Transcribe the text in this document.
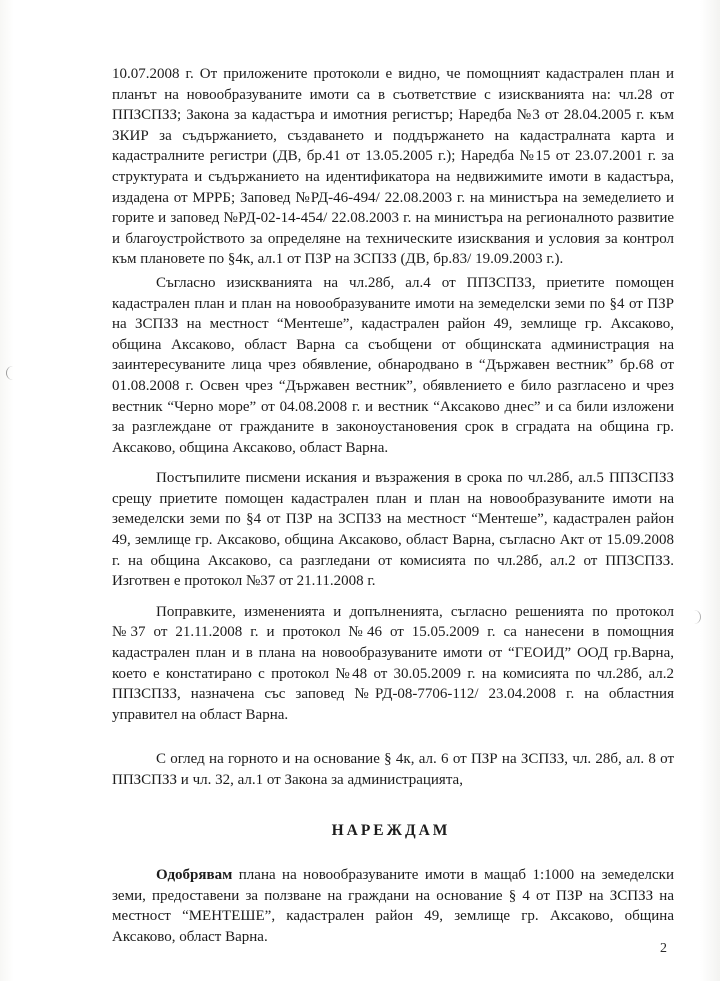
10.07.2008 г. От приложените протоколи е видно, че помощният кадастрален план и планът на новообразуваните имоти са в съответствие с изискванията на: чл.28 от ППЗСПЗЗ; Закона за кадастъра и имотния регистър; Наредба №3 от 28.04.2005 г. към ЗКИР за съдържанието, създаването и поддържането на кадастралната карта и кадастралните регистри (ДВ, бр.41 от 13.05.2005 г.); Наредба №15 от 23.07.2001 г. за структурата и съдържанието на идентификатора на недвижимите имоти в кадастъра, издадена от МРРБ; Заповед №РД-46-494/ 22.08.2003 г. на министъра на земеделието и горите и заповед №РД-02-14-454/ 22.08.2003 г. на министъра на регионалното развитие и благоустройството за определяне на техническите изисквания и условия за контрол към плановете по §4к, ал.1 от ПЗР на ЗСПЗЗ (ДВ, бр.83/ 19.09.2003 г.).

Съгласно изискванията на чл.28б, ал.4 от ППЗСПЗЗ, приетите помощен кадастрален план и план на новообразуваните имоти на земеделски земи по §4 от ПЗР на ЗСПЗЗ на местност “Ментеше”, кадастрален район 49, землище гр. Аксаково, община Аксаково, област Варна са съобщени от общинската администрация на заинтересуваните лица чрез обявление, обнародвано в “Държавен вестник” бр.68 от 01.08.2008 г. Освен чрез “Държавен вестник”, обявлението е било разгласено и чрез вестник “Черно море” от 04.08.2008 г. и вестник “Аксаково днес” и са били изложени за разглеждане от гражданите в законоустановения срок в сградата на община гр. Аксаково, община Аксаково, област Варна.

Постъпилите писмени искания и възражения в срока по чл.28б, ал.5 ППЗСПЗЗ срещу приетите помощен кадастрален план и план на новообразуваните имоти на земеделски земи по §4 от ПЗР на ЗСПЗЗ на местност “Ментеше”, кадастрален район 49, землище гр. Аксаково, община Аксаково, област Варна, съгласно Акт от 15.09.2008 г. на община Аксаково, са разгледани от комисията по чл.28б, ал.2 от ППЗСПЗЗ. Изготвен е протокол №37 от 21.11.2008 г.

Поправките, измененията и допълненията, съгласно решенията по протокол №37 от 21.11.2008 г. и протокол №46 от 15.05.2009 г. са нанесени в помощния кадастрален план и в плана на новообразуваните имоти от “ГЕОИД” ООД гр.Варна, което е констатирано с протокол №48 от 30.05.2009 г. на комисията по чл.28б, ал.2 ППЗСПЗЗ, назначена със заповед №РД-08-7706-112/ 23.04.2008 г. на областния управител на област Варна.

С оглед на горното и на основание § 4к, ал. 6 от ПЗР на ЗСПЗЗ, чл. 28б, ал. 8 от ППЗСПЗЗ и чл. 32, ал.1 от Закона за администрацията,

НАРЕЖДАМ

Одобрявам плана на новообразуваните имоти в мащаб 1:1000 на земеделски земи, предоставени за ползване на граждани на основание § 4 от ПЗР на ЗСПЗЗ на местност “МЕНТЕШЕ”, кадастрален район 49, землище гр. Аксаково, община Аксаково, област Варна.

2
